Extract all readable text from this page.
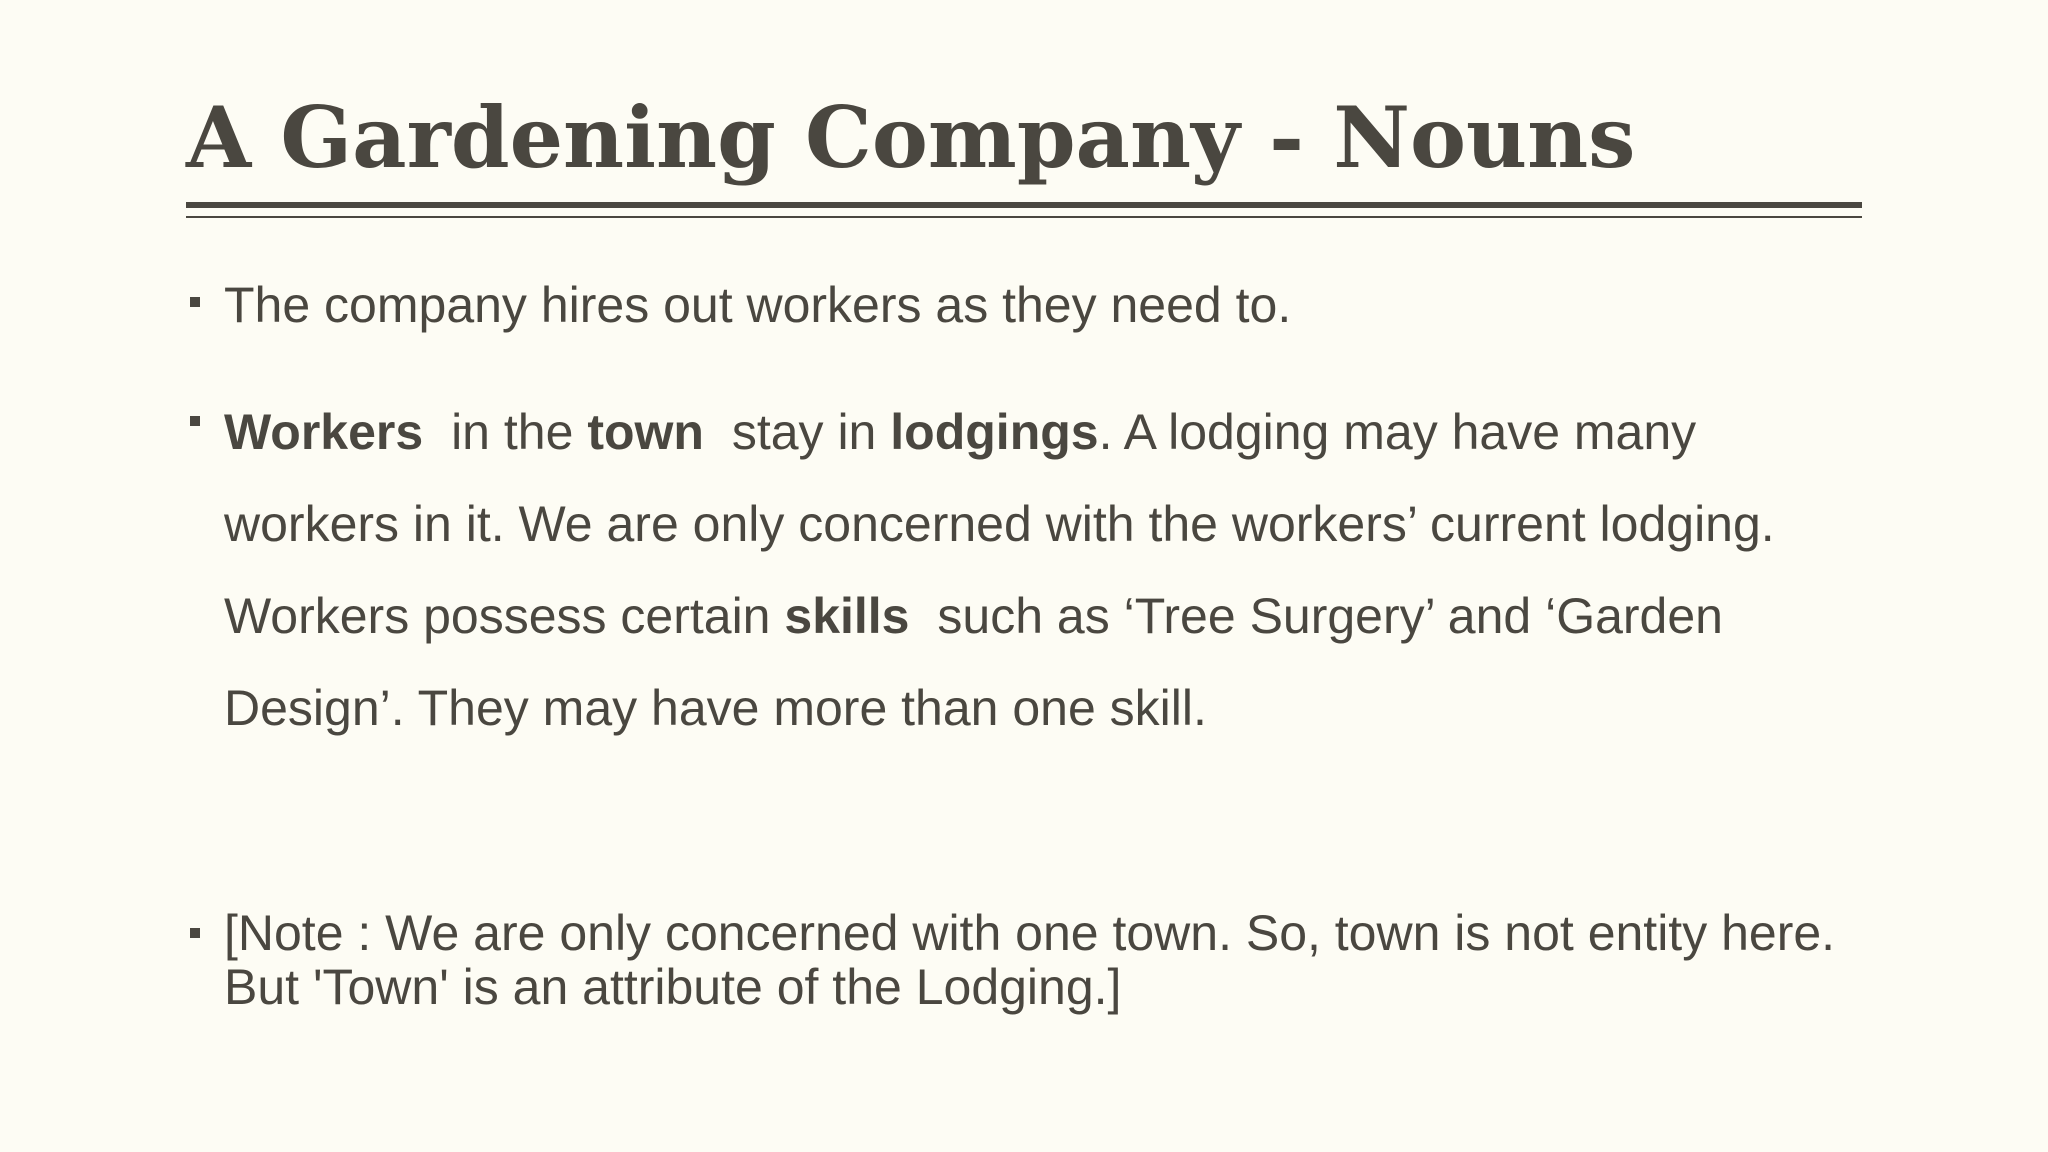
A Gardening Company - Nouns

The company hires out workers as they need to.

Workers in the town stay in lodgings. A lodging may have many workers in it. We are only concerned with the workers’ current lodging. Workers possess certain skills such as ‘Tree Surgery’ and ‘Garden Design’. They may have more than one skill.

[Note : We are only concerned with one town. So, town is not entity here. But 'Town' is an attribute of the Lodging.]
